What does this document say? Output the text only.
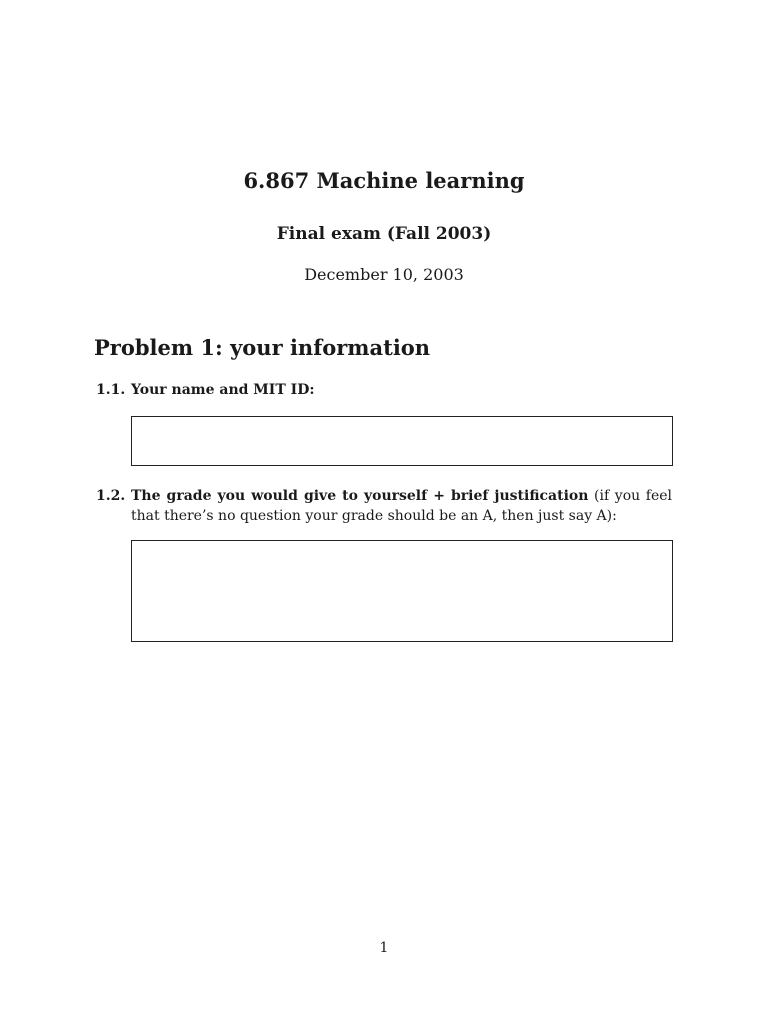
6.867 Machine learning
Final exam (Fall 2003)
December 10, 2003
Problem 1: your information
1.1. Your name and MIT ID:
1.2. The grade you would give to yourself + brief justification (if you feel that there’s no question your grade should be an A, then just say A):
1
